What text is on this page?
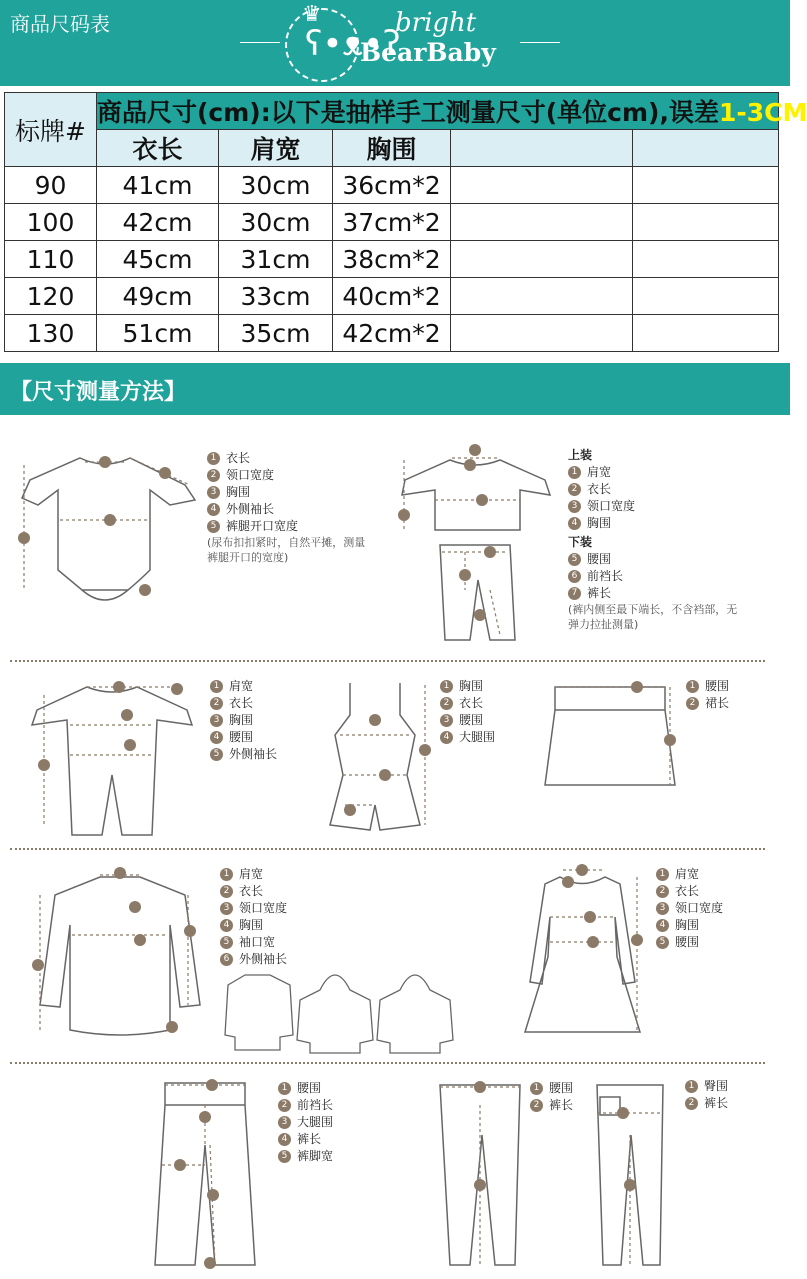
商品尺码表	♛
ʕ•ᴥ•ʔ
bright
BearBaby
标牌#	商品尺寸(cm):以下是抽样手工测量尺寸(单位cm),误差1-3CM				
	衣长	肩宽	胸围		
90	41cm	30cm	36cm*2		
100	42cm	30cm	37cm*2		
110	45cm	31cm	38cm*2		
120	49cm	33cm	40cm*2		
130	51cm	35cm	42cm*2		
【尺寸测量方法】
1 衣长
2 领口宽度
3 胸围
4 外侧袖长
5 裤腿开口宽度
(尿布扣扣紧时，自然平摊，测量裤腿开口的宽度)
上装
1 肩宽
2 衣长
3 领口宽度
4 胸围
下装
5 腰围
6 前裆长
7 裤长
(裤内侧至最下端长，不含裆部，无弹力拉扯测量)
1 肩宽
2 衣长
3 胸围
4 腰围
5 外侧袖长
1 胸围
2 衣长
3 腰围
4 大腿围
1 腰围
2 裙长
1 肩宽
2 衣长
3 领口宽度
4 胸围
5 袖口宽
6 外侧袖长
1 肩宽
2 衣长
3 领口宽度
4 胸围
5 腰围
1 腰围
2 前裆长
3 大腿围
4 裤长
5 裤脚宽
1 腰围
2 裤长
1 臀围
2 裤长
